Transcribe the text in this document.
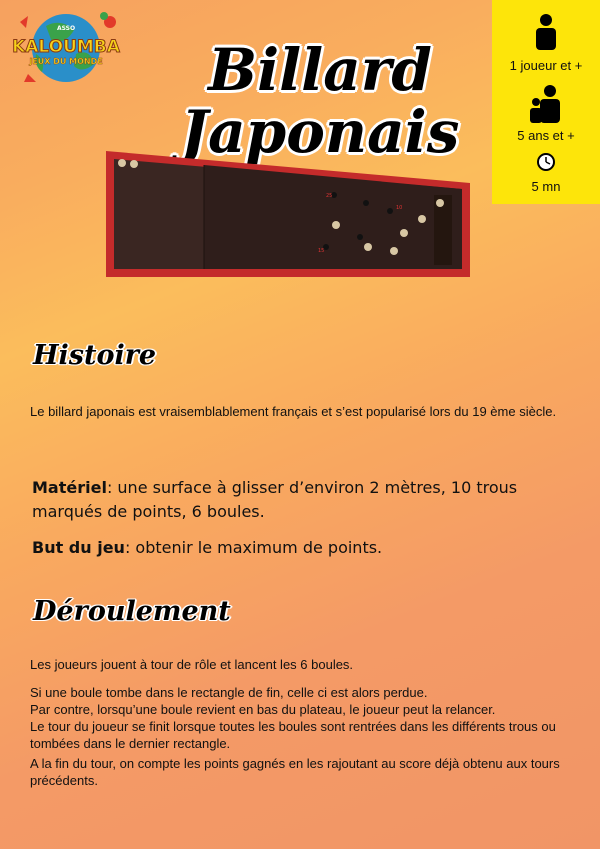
ASSO
KALOUMBA
JEUX DU MONDE	Billard
Japonais
1 joueur et +
5 ans et +
5 mn
25
10
15
Histoire
Le billard japonais est vraisemblablement français et s’est popularisé lors du 19 ème siècle.
Matériel: une surface à glisser d’environ 2 mètres, 10 trous marqués de points, 6 boules.
But du jeu: obtenir le maximum de points.
Déroulement
Les joueurs jouent à tour de rôle et lancent les 6 boules.
Si une boule tombe dans le rectangle de fin, celle ci est alors perdue.
Par contre, lorsqu’une boule revient en bas du plateau, le joueur peut la relancer.
Le tour du joueur se finit lorsque toutes les boules sont rentrées dans les différents trous ou tombées dans le dernier rectangle.
A la fin du tour, on compte les points gagnés en les rajoutant au score déjà obtenu aux tours précédents.
